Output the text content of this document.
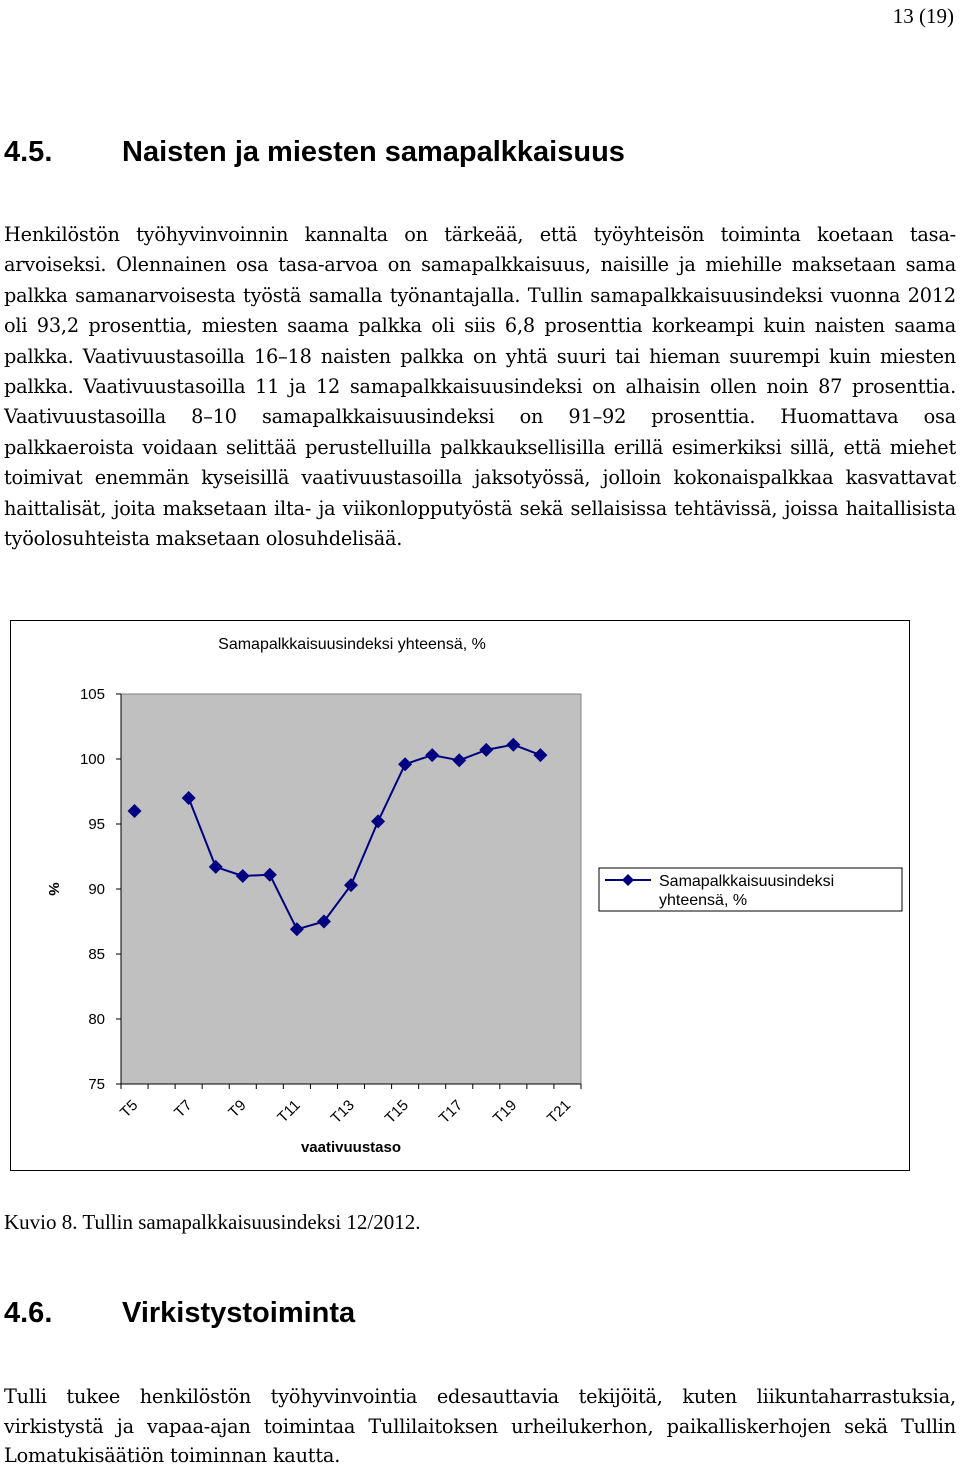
13 (19)
4.5. Naisten ja miesten samapalkkaisuus
Henkilöstön työhyvinvoinnin kannalta on tärkeää, että työyhteisön toiminta koetaan tasa-arvoiseksi. Olennainen osa tasa-arvoa on samapalkkaisuus, naisille ja miehille maksetaan sama palkka samanarvoisesta työstä samalla työnantajalla. Tullin samapalkkaisuusindeksi vuonna 2012 oli 93,2 prosenttia, miesten saama palkka oli siis 6,8 prosenttia korkeampi kuin naisten saama palkka. Vaativuustasoilla 16–18 naisten palkka on yhtä suuri tai hieman suurempi kuin miesten palkka. Vaativuustasoilla 11 ja 12 samapalkkaisuusindeksi on alhaisin ollen noin 87 prosenttia. Vaativuustasoilla 8–10 samapalkkaisuusindeksi on 91–92 prosenttia. Huomattava osa palkkaeroista voidaan selittää perustelluilla palkkauksellisilla erillä esimerkiksi sillä, että miehet toimivat enemmän kyseisillä vaativuustasoilla jaksotyössä, jolloin kokonaispalkkaa kasvattavat haittalisät, joita maksetaan ilta- ja viikonlopputyöstä sekä sellaisissa tehtävissä, joissa haitallisista työolosuhteista maksetaan olosuhdelisää.
Samapalkkaisuusindeksi yhteensä, %
105
100
95
90
85
80
75
T5 T7 T9 T11 T13 T15 T17 T19 T21
vaativuustaso
%	Samapalkkaisuusindeksi
yhteensä, %
Kuvio 8. Tullin samapalkkaisuusindeksi 12/2012.
4.6. Virkistystoiminta
Tulli tukee henkilöstön työhyvinvointia edesauttavia tekijöitä, kuten liikuntaharrastuksia, virkistystä ja vapaa-ajan toimintaa Tullilaitoksen urheilukerhon, paikalliskerhojen sekä Tullin Lomatukisäätiön toiminnan kautta.
